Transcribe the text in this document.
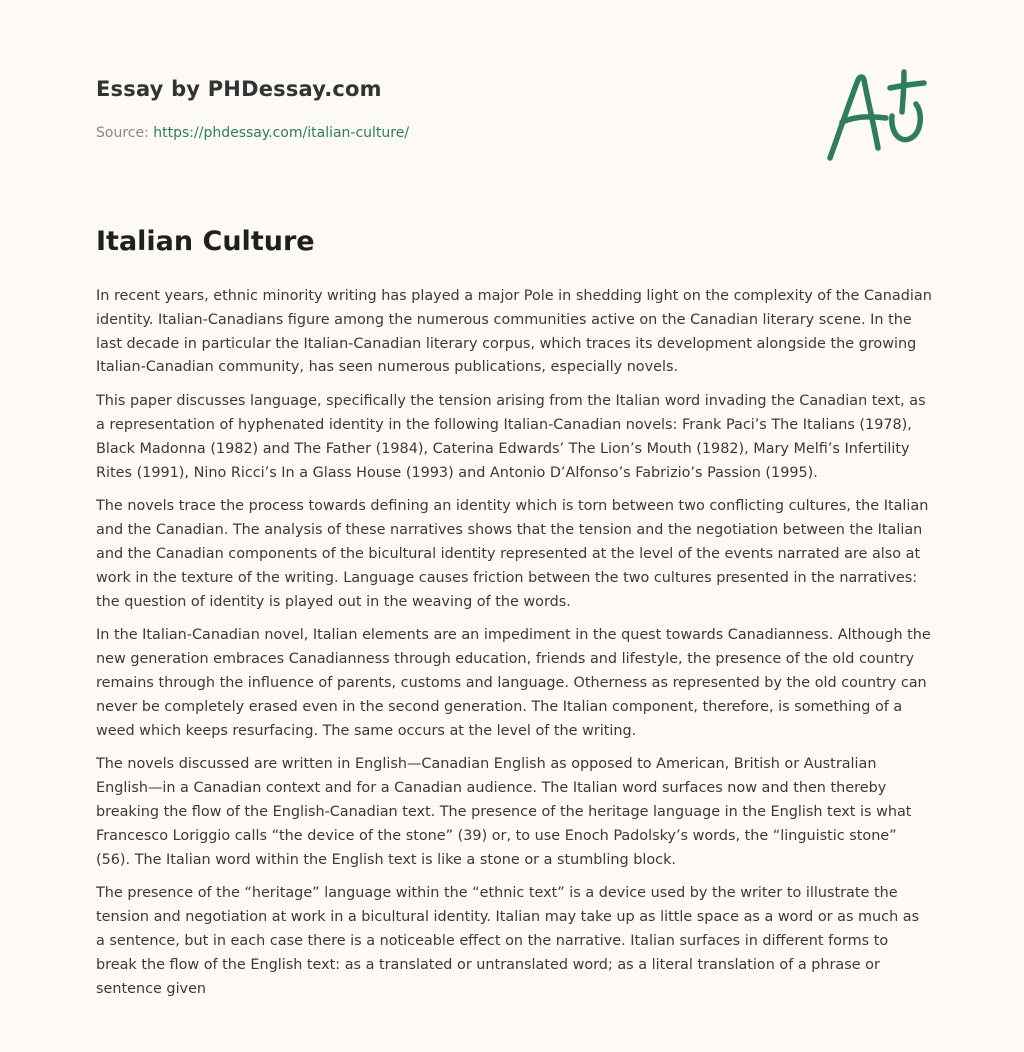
Essay by PHDessay.com
Source: https://phdessay.com/italian-culture/
Italian Culture

In recent years, ethnic minority writing has played a major Pole in shedding light on the complexity of the Canadian identity. Italian-Canadians figure among the numerous communities active on the Canadian literary scene. In the last decade in particular the Italian-Canadian literary corpus, which traces its development alongside the growing Italian-Canadian community, has seen numerous publications, especially novels.

This paper discusses language, specifically the tension arising from the Italian word invading the Canadian text, as a representation of hyphenated identity in the following Italian-Canadian novels: Frank Paci’s The Italians (1978), Black Madonna (1982) and The Father (1984), Caterina Edwards’ The Lion’s Mouth (1982), Mary Melfi’s Infertility Rites (1991), Nino Ricci’s In a Glass House (1993) and Antonio D’Alfonso’s Fabrizio’s Passion (1995).

The novels trace the process towards defining an identity which is torn between two conflicting cultures, the Italian and the Canadian. The analysis of these narratives shows that the tension and the negotiation between the Italian and the Canadian components of the bicultural identity represented at the level of the events narrated are also at work in the texture of the writing. Language causes friction between the two cultures presented in the narratives: the question of identity is played out in the weaving of the words.

In the Italian-Canadian novel, Italian elements are an impediment in the quest towards Canadianness. Although the new generation embraces Canadianness through education, friends and lifestyle, the presence of the old country remains through the influence of parents, customs and language. Otherness as represented by the old country can never be completely erased even in the second generation. The Italian component, therefore, is something of a weed which keeps resurfacing. The same occurs at the level of the writing.

The novels discussed are written in English—Canadian English as opposed to American, British or Australian English—in a Canadian context and for a Canadian audience. The Italian word surfaces now and then thereby breaking the flow of the English-Canadian text. The presence of the heritage language in the English text is what Francesco Loriggio calls “the device of the stone” (39) or, to use Enoch Padolsky’s words, the “linguistic stone” (56). The Italian word within the English text is like a stone or a stumbling block.

The presence of the “heritage” language within the “ethnic text” is a device used by the writer to illustrate the tension and negotiation at work in a bicultural identity. Italian may take up as little space as a word or as much as a sentence, but in each case there is a noticeable effect on the narrative. Italian surfaces in different forms to break the flow of the English text: as a translated or untranslated word; as a literal translation of a phrase or sentence given
